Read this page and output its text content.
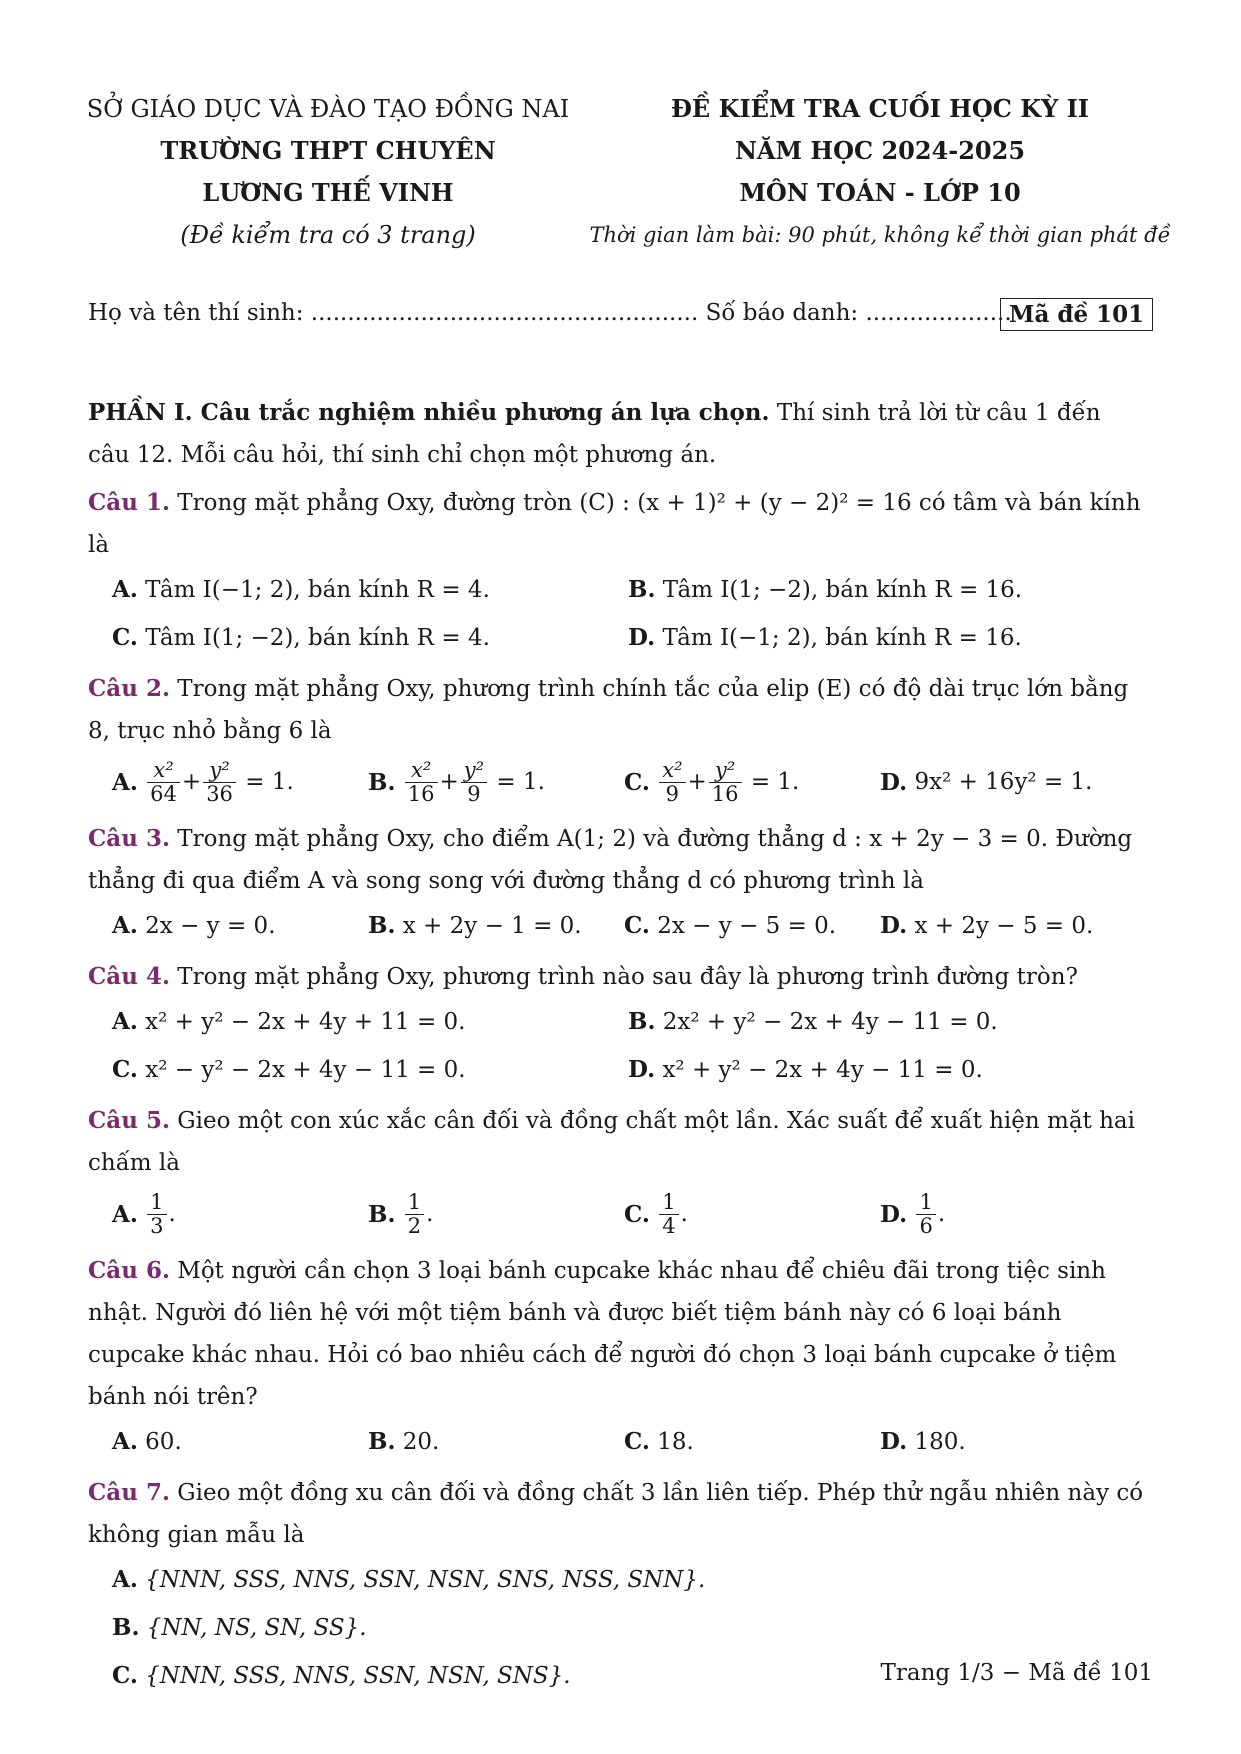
SỞ GIÁO DỤC VÀ ĐÀO TẠO ĐỒNG NAI
TRƯỜNG THPT CHUYÊN
LƯƠNG THẾ VINH
(Đề kiểm tra có 3 trang)
ĐỀ KIỂM TRA CUỐI HỌC KỲ II
NĂM HỌC 2024-2025
MÔN TOÁN - LỚP 10
Thời gian làm bài: 90 phút, không kể thời gian phát đề
Họ và tên thí sinh: ..................................................... Số báo danh: ....................
Mã đề 101

PHẦN I. Câu trắc nghiệm nhiều phương án lựa chọn. Thí sinh trả lời từ câu 1 đến câu 12. Mỗi câu hỏi, thí sinh chỉ chọn một phương án.

Câu 1. Trong mặt phẳng Oxy, đường tròn (C) : (x + 1)² + (y − 2)² = 16 có tâm và bán kính là
A. Tâm I(−1; 2), bán kính R = 4.	B. Tâm I(1; −2), bán kính R = 16.
C. Tâm I(1; −2), bán kính R = 4.	D. Tâm I(−1; 2), bán kính R = 16.
Câu 2. Trong mặt phẳng Oxy, phương trình chính tắc của elip (E) có độ dài trục lớn bằng 8, trục nhỏ bằng 6 là
A.
$\frac{\text{x²}}{64} + \frac{\text{y²}}{36}$
= 1.	B.
$\frac{\text{x²}}{16} + \frac{\text{y²}}{9}$
= 1.	C.
$\frac{\text{x²}}{9} + \frac{\text{y²}}{16}$
= 1.	D.
9x² + 16y² = 1.
Câu 3. Trong mặt phẳng Oxy, cho điểm A(1; 2) và đường thẳng d : x + 2y − 3 = 0. Đường thẳng đi qua điểm A và song song với đường thẳng d có phương trình là
A. 2x − y = 0.	B. x + 2y − 1 = 0.	C. 2x − y − 5 = 0.	D. x + 2y − 5 = 0.
Câu 4. Trong mặt phẳng Oxy, phương trình nào sau đây là phương trình đường tròn?
A. x² + y² − 2x + 4y + 11 = 0.	B. 2x² + y² − 2x + 4y − 11 = 0.
C. x² − y² − 2x + 4y − 11 = 0.	D. x² + y² − 2x + 4y − 11 = 0.
Câu 5. Gieo một con xúc xắc cân đối và đồng chất một lần. Xác suất để xuất hiện mặt hai chấm là
A.
$\frac{1}{3}$ .	B.
$\frac{1}{2}$ .	C.
$\frac{1}{4}$ .	D.
$\frac{1}{6}$ .
Câu 6. Một người cần chọn 3 loại bánh cupcake khác nhau để chiêu đãi trong tiệc sinh nhật. Người đó liên hệ với một tiệm bánh và được biết tiệm bánh này có 6 loại bánh cupcake khác nhau. Hỏi có bao nhiêu cách để người đó chọn 3 loại bánh cupcake ở tiệm bánh nói trên?
A. 60.	B. 20.	C. 18.	D. 180.
Câu 7. Gieo một đồng xu cân đối và đồng chất 3 lần liên tiếp. Phép thử ngẫu nhiên này có không gian mẫu là
A. {NNN, SSS, NNS, SSN, NSN, SNS, NSS, SNN}.
B. {NN, NS, SN, SS}.
C. {NNN, SSS, NNS, SSN, NSN, SNS}.	Trang 1/3 − Mã đề 101
